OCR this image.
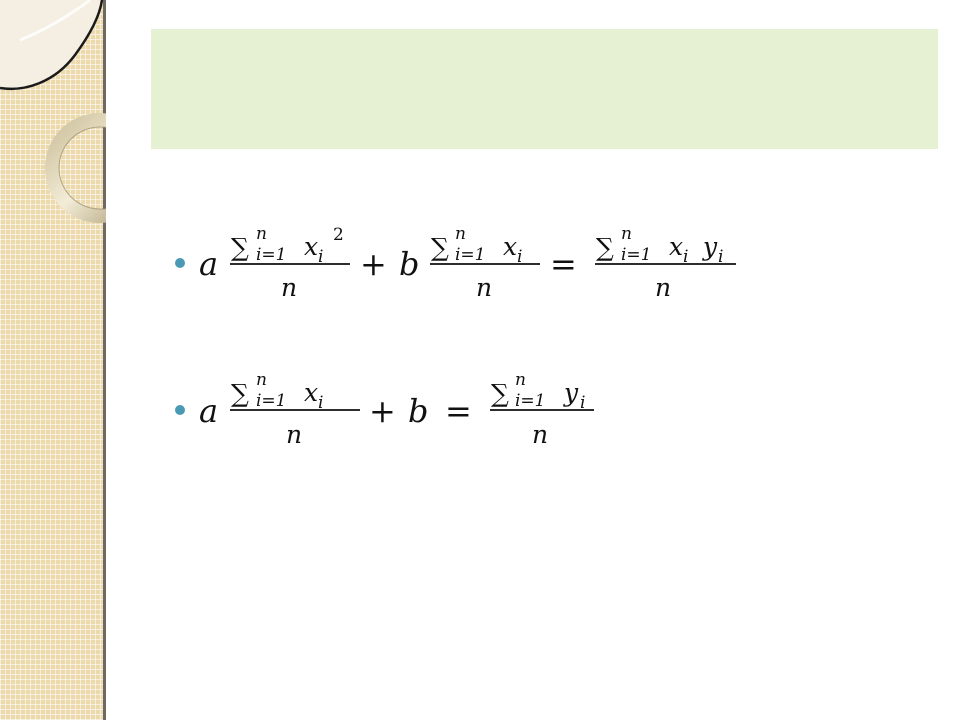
a ∑ n
i=1 x i
2
n
+ b ∑ n
i=1 x i
n
= ∑ n
i=1 x i y i
n
a ∑ n
i=1 x i
n
+ b = ∑ n
i=1 y i
n
